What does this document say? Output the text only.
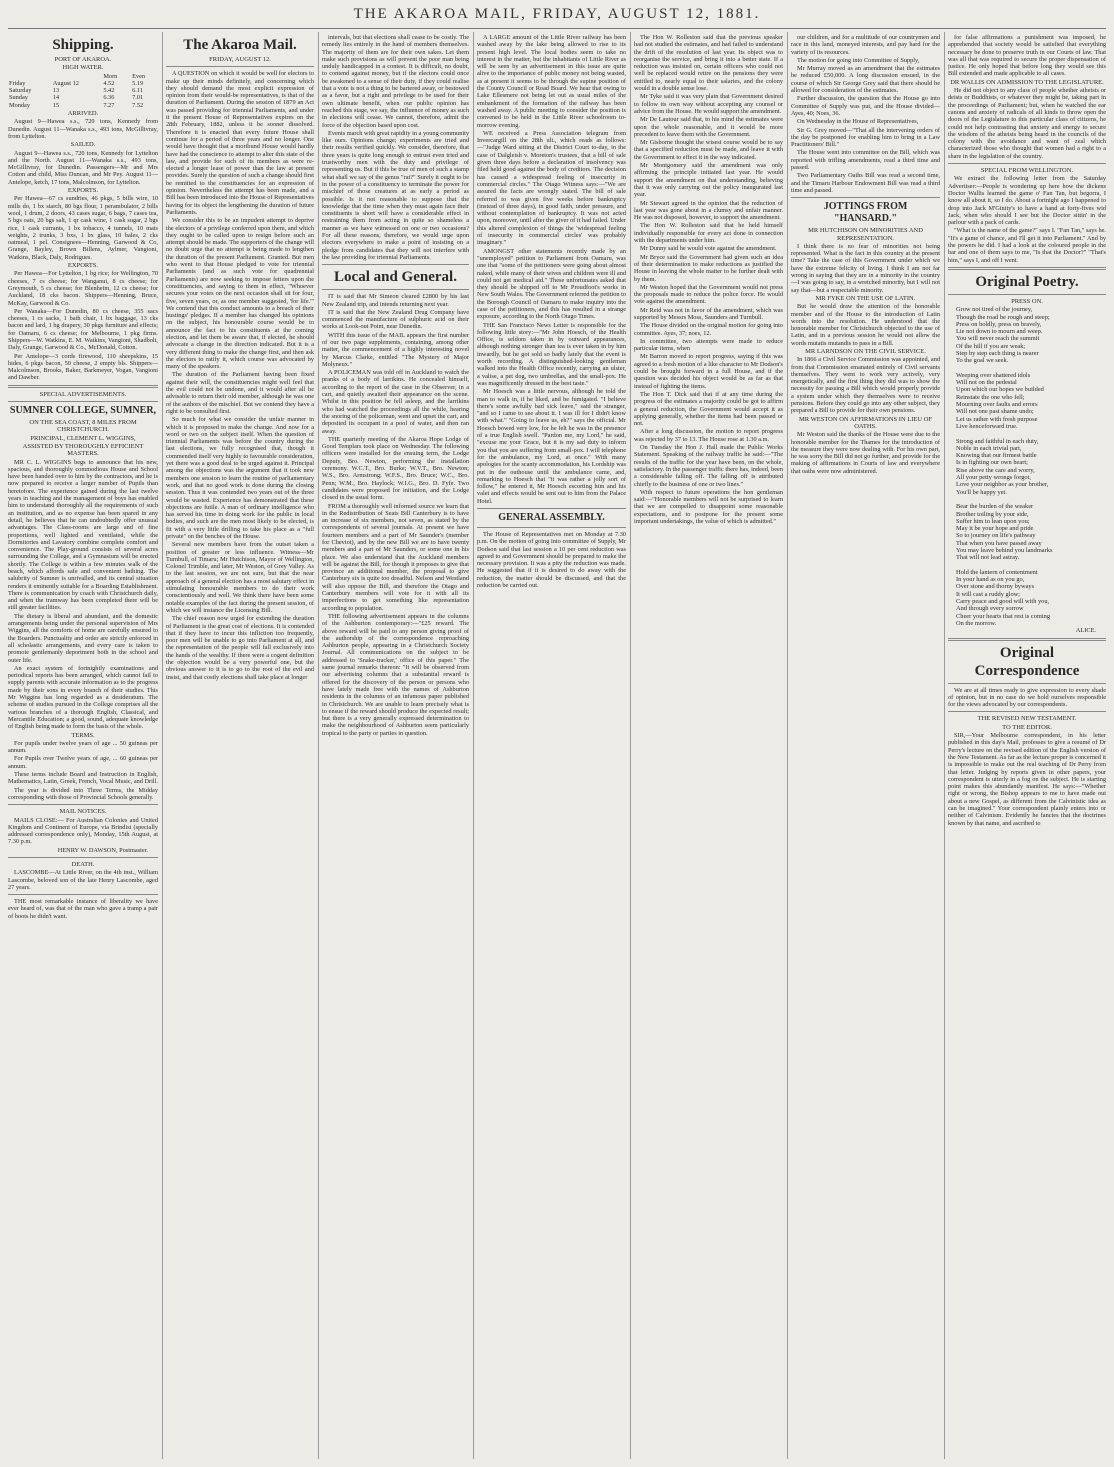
THE AKAROA MAIL, FRIDAY, AUGUST 12, 1881.
Shipping.
PORT OF AKAROA.
HIGH WATER.
		Morn	Even
Friday	August 12	4.52	5.19
Saturday	13	5.42	6.11
Sunday	14	6.36	7.01
Monday	15	7.27	7.52
ARRIVED.

August 9—Hawea s.s., 720 tons, Kennedy from Dunedin. August 11—Wanaka s.s., 493 tons, McGillivray, from Lyttelton.

SAILED.

August 9—Hawea s.s., 720 tons, Kennedy for Lyttelton and the North. August 11—Wanaka s.s., 493 tons, McGillivray, for Dunedin. Passengers—Mr and Mrs Cotton and child, Miss Duncan, and Mr Pey. August 11—Antelope, ketch, 17 tons, Malcolmson, for Lyttelton.

EXPORTS.

Per Hawea—67 cs sundries, 46 pkgs, 5 bills wire, 10 mills do, 1 bx starch, 80 bgs flour, 1 perambulator, 2 bills wool, 1 drum, 2 doors, 43 cases sugar, 6 bags, 7 cases tea, 5 bgs oats, 20 bgs salt, 1 qr cask wine, 1 cask sugar, 2 bgs rice, 1 cask currants, 1 bx tobacco, 4 tunnels, 10 mats weights, 2 trunks, 3 bxs, 1 bx glass, 10 bales, 2 cks oatmeal, 1 pel. Consignees—Henning, Garwood & Co, Grange, Bayley, Brown Billens, Aylmer, Vangioni, Watkins, Black, Daly, Rodrigues.

EXPORTS.

Per Hawea—For Lyttelton, 1 bg rice; for Wellington, 70 cheeses, 7 cs cheese; for Wanganui, 8 cs cheese; for Greymouth, 5 cs cheese; for Blenheim, 12 cs cheese; for Auckland, 18 cks bacon. Shippers—Henning, Bruce, McKay, Garwood & Co.

Per Wanaka—For Dunedin, 80 cs cheese, 355 sacs cheeses, 1 cs sacks, 1 bath chair, 1 bx baggage, 13 cks bacon and lard, 1 bg drapery, 30 pkgs furniture and effects; for Oamaru, 6 cs cheese; for Melbourne, 1 pkg firms. Shippers—W. Watkins, E. M. Watkins, Vangioni, Shadbolt, Daly, Grange, Garwood & Co., McDonald, Cotton.

Per Antelope—3 cords firewood, 110 sheepskins, 15 hides, 6 pkgs bacon, 50 cheese, 2 empty bls. Shippers—Malcolmson, Brooks, Baker, Barkmeyer, Vogan, Vangioni and Dawber.

SPECIAL ADVERTISEMENTS.
SUMNER COLLEGE, SUMNER,
ON THE SEA COAST, 8 MILES FROM CHRISTCHURCH.
PRINCIPAL, CLEMENT L. WIGGINS,
ASSISTED BY THOROUGHLY EFFICIENT MASTERS.

MR C. L. WIGGINS begs to announce that his new, spacious, and thoroughly commodious House and School have been handed over to him by the contractors, and he is now prepared to receive a larger number of Pupils than heretofore. The experience gained during the last twelve years in teaching and the management of boys has enabled him to understand thoroughly all the requirements of such an institution, and as no expense has been spared in any detail, he believes that he can undoubtedly offer unusual advantages. The Class-rooms are large and of fine proportions, well lighted and ventilated, while the Dormitories and Lavatory combine complete comfort and convenience. The Play-ground consists of several acres surrounding the College, and a Gymnasium will be erected shortly. The College is within a few minutes walk of the beach, which affords safe and convenient bathing. The salubrity of Sumner is unrivalled, and its central situation renders it eminently suitable for a Boarding Establishment. There is communication by coach with Christchurch daily, and when the tramway has been completed there will be still greater facilities.

The dietary is liberal and abundant, and the domestic arrangements being under the personal supervision of Mrs Wiggins, all the comforts of home are carefully ensured to the Boarders. Punctuality and order are strictly enforced in all scholastic arrangements, and every care is taken to promote gentlemanly deportment both in the school and outer life.

An exact system of fortnightly examinations and periodical reports has been arranged, which cannot fail to supply parents with accurate information as to the progress made by their sons in every branch of their studies. This Mr Wiggins has long regarded as a desideratum. The scheme of studies pursued in the College comprises all the various branches of a thorough English, Classical, and Mercantile Education; a good, sound, adequate knowledge of English being made to form the basis of the whole.

TERMS.

For pupils under twelve years of age ... 50 guineas per annum.

For Pupils over Twelve years of age, ... 60 guineas per annum.

These terms include Board and Instruction in English, Mathematics, Latin, Greek, French, Vocal Music, and Drill.

The year is divided into Three Terms, the Midday corresponding with those of Provincial Schools generally.

MAIL NOTICES.

MAILS CLOSE:— For Australian Colonies and United Kingdom and Continent of Europe, via Brindisi (specially addressed correspondence only), Monday, 15th August, at 7.30 p.m.

HENRY W. DAWSON, Postmaster.
DEATH.

LASCOMBE—At Little River, on the 4th inst., William Lascombe, beloved son of the late Henry Lascombe, aged 27 years.

THE most remarkable instance of liberality we have ever heard of, was that of the man who gave a tramp a pair of boots he didn't want.

The Akaroa Mail.
FRIDAY, AUGUST 12.

A QUESTION on which it would be well for electors to make up their minds definitely, and concerning which they should demand the most explicit expression of opinion from their would-be representatives, is that of the duration of Parliament. During the session of 1879 an Act was passed providing for triennial Parliaments, and under it the present House of Representatives expires on the 28th February, 1882, unless it be sooner dissolved. Therefore it is enacted that every future House shall continue for a period of three years and no longer. One would have thought that a moribund House would hardly have had the conscience to attempt to alter this state of the law, and provide for such of its members as were re-elected a longer lease of power than the law at present provides. Surely the question of such a change should first be remitted to the constituencies for an expression of opinion. Nevertheless the attempt has been made, and a Bill has been introduced into the House of Representatives having for its object the lengthening the duration of future Parliaments.

We consider this to be an impudent attempt to deprive the electors of a privilege conferred upon them, and which they ought to be called upon to resign before such an attempt should be made. The supporters of the change will no doubt urge that no attempt is being made to lengthen the duration of the present Parliament. Granted. But men who went to that House pledged to vote for triennial Parliaments (and as such vote for quadrennial Parliaments) are now seeking to impose fetters upon the constituencies, and saying to them in effect, "Whoever secures your votes on the next occasion shall sit for four, five, seven years, or, as one member suggested, 'for life.'" We contend that this conduct amounts to a breach of their hustings' pledges. If a member has changed his opinions on the subject, his honourable course would be to announce the fact to his constituents at the coming election, and let them be aware that, if elected, he should advocate a change in the direction indicated. But it is a very different thing to make the change first, and then ask the electors to ratify it, which course was advocated by many of the speakers.

The duration of the Parliament having been fixed against their will, the constituencies might well feel that the evil could not be undone, and it would after all be advisable to return their old member, although he was one of the authors of the mischief. But we contend they have a right to be consulted first.

So much for what we consider the unfair manner in which it is proposed to make the change. And now for a word or two on the subject itself. When the question of triennial Parliaments was before the country during the last elections, we fully recognised that, though it commended itself very highly to favourable consideration, yet there was a good deal to be urged against it. Principal among the objections was the argument that it took new members one session to learn the routine of parliamentary work, and that no good work is done during the closing session. Thus it was contended two years out of the three would be wasted. Experience has demonstrated that these objections are futile. A man of ordinary intelligence who has served his time in doing work for the public in local bodies, and such are the men most likely to be elected, is fit with a very little drilling to take his place as a "full private" on the benches of the House.

Several new members have from the outset taken a position of greater or less influence. Witness—Mr Turnbull, of Timaru; Mr Hutchison, Mayor of Wellington, Colonel Trimble, and later, Mr Weston, of Grey Valley. As to the last session, we are not sure, but that the near approach of a general election has a most salutary effect in stimulating honourable members to do their work conscientiously and well. We think there have been some notable examples of the fact during the present session, of which we will instance the Licensing Bill.

The chief reason now urged for extending the duration of Parliament is the great cost of elections. It is contended that if they have to incur this infliction too frequently, poor men will be unable to go into Parliament at all, and the representation of the people will fall exclusively into the hands of the wealthy. If there were a cogent definition the objection would be a very powerful one, but the obvious answer to it is to go to the root of the evil and insist, and that costly elections shall take place at longer

intervals, but that elections shall cease to be costly. The remedy lies entirely in the hand of members themselves. The majority of them are for their own sakes. Let them make such provisions as will prevent the poor man being unduly handicapped in a contest. It is difficult, no doubt, to contend against money, but if the electors could once be awakened to a sense of their duty, if they could realise that a vote is not a thing to be bartered away, or bestowed as a favor, but a right and privilege to be used for their own ultimate benefit, when our public opinion has reached this stage, we say, the influence of money as such in elections will cease. We cannot, therefore, admit the force of the objection based upon cost.

Events march with great rapidity in a young community like ours. Opinions change; experiments are tried and their results verified quickly. We consider, therefore, that three years is quite long enough to entrust even tried and trustworthy men with the duty and privilege of representing us. But if this be true of men of such a stamp what shall we say of the genus "rat?" Surely it ought to be in the power of a constituency to terminate the power for mischief of those creatures at as early a period as possible. Is it not reasonable to suppose that the knowledge that the time when they must again face their constituents is short will have a considerable effect in restraining them from acting in quite so shameless a manner as we have witnessed on one or two occasions? For all these reasons, therefore, we would urge upon electors everywhere to make a point of insisting on a pledge from candidates that they will not interfere with the law providing for triennial Parliaments.

Local and General.

IT is said that Mr Simeon cleared £2800 by his last New Zealand trip, and intends returning next year.

IT is said that the New Zealand Drug Company have commenced the manufacture of sulphuric acid on their works at Look-out Point, near Dunedin.

WITH this issue of the MAIL appears the first number of our two page supplements, containing, among other matter, the commencement of a highly interesting novel by Marcus Clarke, entitled "The Mystery of Major Molyneux."

A POLICEMAN was told off in Auckland to watch the pranks of a body of larrikins. He concealed himself, according to the report of the case in the Observer, in a cart, and quietly awaited their appearance on the scene. Whilst in this position he fell asleep, and the larrikins who had watched the proceedings all the while, hearing the snoring of the policeman, went and upset the cart, and deposited its occupant in a pool of water, and then ran away.

THE quarterly meeting of the Akaroa Hope Lodge of Good Templars took place on Wednesday. The following officers were installed for the ensuing term, the Lodge Deputy, Bro. Newton, performing the installation ceremony. W.C.T., Bro. Burke; W.V.T., Bro. Newton; W.S., Bro. Armstrong; W.F.S., Bro. Bruce; W.C., Bro. Penn; W.M., Bro. Haylock; W.I.G., Bro. D. Fyfe. Two candidates were proposed for initiation, and the Lodge closed in the usual form.

FROM a thoroughly well informed source we learn that in the Redistribution of Seats Bill Canterbury is to have an increase of six members, not seven, as stated by the correspondents of several journals. At present we have fourteen members and a part of Mr Saunder's (member for Cheviot), and by the new Bill we are to have twenty members and a part of Mr Saunders, or some one in his place. We also understand that the Auckland members will be against the Bill, for though it proposes to give that province an additional member, the proposal to give Canterbury six is quite too dreadful. Nelson and Westland will also oppose the Bill, and therefore the Otago and Canterbury members will vote for it with all its imperfections to get something like representation according to population.

THE following advertisement appears in the columns of the Ashburton contemporary:—"£25 reward. The above reward will be paid to any person giving proof of the authorship of the correspondence reproaching Ashburton people, appearing in a Christchurch Society Journal. All communications on the subject to be addressed to 'Snake-tracker,' office of this paper." The same journal remarks thereon: "It will be observed from our advertising columns that a substantial reward is offered for the discovery of the person or persons who have lately made free with the names of Ashburton residents in the columns of an infamous paper published in Christchurch. We are unable to learn precisely what is to ensue if the reward should produce the expected result; but there is a very generally expressed determination to make the neighbourhood of Ashburton seem particularly tropical to the party or parties in question.

A LARGE amount of the Little River railway has been washed away by the lake being allowed to rise to its present high level. The local bodies seem to take no interest in the matter, but the inhabitants of Little River as will be seen by an advertisement in this issue are quite alive to the importance of public money not being wasted, as at present it seems to be through the supine position of the County Council or Road Board. We hear that owing to Lake Ellesmere not being let out as usual miles of the embankment of the formation of the railway has been washed away. A public meeting to consider the position is convened to be held in the Little River schoolroom to-morrow evening.

WE received a Press Association telegram from Invercargill on the 28th ult., which reads as follows:—"Judge Ward sitting at the District Court to-day, in the case of Dalgleish v. Moreton's trustees, that a bill of sale given three days before a declaration of insolvency was filed held good against the body of creditors. The decision has caused a widespread feeling of insecurity in commercial circles." The Otago Witness says:—"We are assured the facts are wrongly stated. The bill of sale referred to was given five weeks before bankruptcy (instead of three days), in good faith, under pressure, and without contemplation of bankruptcy. It was not acted upon, moreover, until after the giver of it had failed. Under this altered complexion of things the 'widespread feeling of insecurity in commercial circles' was probably imaginary."

AMONGST other statements recently made by an "unemployed" petition to Parliament from Oamaru, was one that "some of the petitioners were going about almost naked, while many of their wives and children were ill and could not get medical aid." These unfortunates asked that they should be shipped off to Mr Proudfoot's works in New South Wales. The Government referred the petition to the Borough Council of Oamaru to make inquiry into the case of the petitioners, and this has resulted in a strange exposure, according to the North Otago Times.

THE San Francisco News Letter is responsible for the following little story:—"Mr John Hoesch, of the Health Office, is seldom taken in by outward appearances, although nothing stronger than tea is ever taken in by him inwardly, but he got sold so badly lately that the event is worth recording. A distinguished-looking gentleman walked into the Health Office recently, carrying an ulster, a valise, a pet dog, two umbrellas, and the small-pox. He was magnificently dressed in the best taste."

Mr Hoesch was a little nervous, although he told the man to walk in, if he liked, and be fumigated. "I believe there's some awfully bad sick leave," said the stranger, "and so I came to see about it. I was ill for I didn't know with what." "Going to leave us, eh?" says the official. Mr Hoesch bowed very low, for he felt he was in the presence of a true English swell. "Pardon me, my Lord," he said, "excuse me your Grace, but it is my sad duty to inform you that you are suffering from small-pox. I will telephone for the ambulance, my Lord, at once." With many apologies for the scanty accommodation, his Lordship was put in the outhouse until the ambulance came, and, remarking to Hoesch that "it was rather a jolly sort of follow," he entered it, Mr Hoesch escorting him and his valet and effects would be sent out to him from the Palace Hotel.

GENERAL ASSEMBLY.

The House of Representatives met on Monday at 7.30 p.m. On the motion of going into committee of Supply, Mr Dodson said that last session a 10 per cent reduction was agreed to and Government should be prepared to make the necessary provision. It was a pity the reduction was made. He suggested that if it is desired to do away with the reduction, the matter should be discussed, and that the reduction be carried out.

The Hon W. Rolleston said that the previous speaker had not studied the estimates, and had failed to understand the drift of the resolution of last year. Its object was to reorganise the service, and bring it into a better state. If a reduction was insisted on, certain officers who could not well be replaced would retire on the pensions they were entitled to, nearly equal to their salaries, and the colony would in a double sense lose.

Mr Tyke said it was very plain that Government desired to follow its own way without accepting any counsel or advice from the House. He would support the amendment.

Mr De Lautour said that, to his mind the estimates were upon the whole reasonable, and it would be more precedent to leave them with the Government.

Mr Gisborne thought the wisest course would be to say that a specified reduction must be made, and leave it with the Government to effect it in the way indicated.

Mr Montgomery said the amendment was only affirming the principle initiated last year. He would support the amendment on that understanding, believing that it was only carrying out the policy inaugurated last year.

Mr Stewart agreed in the opinion that the reduction of last year was gone about in a clumsy and unfair manner. He was not disposed, however, to support the amendment.

The Hon W. Rolleston said that he held himself individually responsible for every act done in connection with the departments under him.

Mr Dunny said he would vote against the amendment.

Mr Bryce said the Government had given such an idea of their determination to make reductions as justified the House in leaving the whole matter to be further dealt with by them.

Mr Weston hoped that the Government would not press the proposals made to reduce the police force. He would vote against the amendment.

Mr Reid was not in favor of the amendment, which was supported by Messrs Moss, Saunders and Turnbull.

The House divided on the original motion for going into committee. Ayes, 37; noes, 12.

In committee, two attempts were made to reduce particular items, when

Mr Barron moved to report progress, saying if this was agreed to a fresh motion of a like character to Mr Dodson's could be brought forward in a full House, and if the question was decided his object would be as far as that instead of fighting the items.

The Hon T. Dick said that if at any time during the progress of the estimates a majority could be got to affirm a general reduction, the Government would accept it as applying generally, whether the items had been passed or not.

After a long discussion, the motion to report progress was rejected by 37 to 13. The House rose at 1.30 a.m.

On Tuesday the Hon J. Hall made the Public Works Statement. Speaking of the railway traffic he said:—"The results of the traffic for the year have been, on the whole, satisfactory. In the passenger traffic there has, indeed, been a considerable falling off. The falling off is attributed chiefly to the business of one or two lines."

With respect to future operations the hon gentleman said:—"Honorable members will not be surprised to learn that we are compelled to disappoint some reasonable expectations, and to postpone for the present some important undertakings, the value of which is admitted."

our children, and for a multitude of our countrymen and race in this land, moneyed interests, and pay hard for the variety of its resources.

The motion for going into Committee of Supply,

Mr Murray moved as an amendment that the estimates be reduced £50,000. A long discussion ensued, in the course of which Sir George Grey said that there should be allowed for consideration of the estimates.

Further discussion, the question that the House go into Committee of Supply was put, and the House divided—Ayes, 40; Noes, 36.

On Wednesday in the House of Representatives,

Sir G. Grey moved—"That all the intervening orders of the day be postponed for enabling him to bring in a Law Practitioners' Bill."

The House went into committee on the Bill, which was reported with trifling amendments, read a third time and passed.

Two Parliamentary Oaths Bill was read a second time, and the Timaru Harbour Endowment Bill was read a third time and passed.

JOTTINGS FROM "HANSARD."
MR HUTCHISON ON MINORITIES AND REPRESENTATION.

I think there is no fear of minorities not being represented. What is the fact in this country at the present time? Take the case of this Government under which we have the extreme felicity of living. I think I am not far wrong in saying that they are in a minority in the country—I was going to say, in a wretched minority, but I will not say that—but a respectable minority.

MR FYKE ON THE USE OF LATIN.

But he would draw the attention of the honorable member and of the House to the introduction of Latin words into the resolution. He understood that the honorable member for Christchurch objected to the use of Latin, and in a previous session he would not allow the words mutatis mutandis to pass in a Bill.

MR LARNDSON ON THE CIVIL SERVICE.

In 1866 a Civil Service Commission was appointed, and from that Commission emanated entirely of Civil servants themselves. They went to work very actively, very energetically, and the first thing they did was to show the necessity for passing a Bill which would properly provide a system under which they themselves were to receive pensions. Before they could go into any other subject, they prepared a Bill to provide for their own pensions.

MR WESTON ON AFFIRMATIONS IN LIEU OF OATHS.

Mr Weston said the thanks of the House were due to the honorable member for the Thames for the introduction of the measure they were now dealing with. For his own part, he was sorry the Bill did not go further, and provide for the making of affirmations in Courts of law and everywhere that oaths were now administered.

for false affirmations a punishment was imposed, he apprehended that society would be satisfied that everything necessary be done to preserve truth in our Courts of law. That was all that was required to secure the proper dispensation of justice. He only hoped that before long they would see this Bill extended and made applicable to all cases.

DR WALLIS ON ADMISSION TO THE LEGISLATURE.

He did not object to any class of people whether atheists or deists or Buddhists, or whatever they might be, taking part in the proceedings of Parliament; but, when he watched the ear canons and anxiety of radicals of all kinds to throw open the doors of the Legislature to this particular class of citizens, he could not help contrasting that anxiety and energy to secure the wisdom of the atheists being heard in the councils of the colony with the avoidance and want of zeal which characterized those who thought that women had a right to a share in the legislation of the country.

SPECIAL FROM WELLINGTON.

We extract the following letter from the Saturday Advertiser:—People is wondering up here how the dickens Doctor Wallis learned the game o' Fan Tan, but begorra, I know all about it, so I do. About a fortnight ago I happened to drop into Jack M'Ginity's to have a hand at forty-fives wid Jack, when who should I see but the Doctor sittin' in the parlour with a pack of cards.

"What is the name of the game?" says I. "Fan Tan," says he. "It's a game of chance, and I'll get it into Parliament." And by the powers he did. I had a look at the coloured people in the bar and one of them says to me, "Is that the Doctor?" "That's him," says I, and off I went.

Original Poetry.
PRESS ON.
Grow not tired of the journey,
Though the road be rough and steep;
Press on boldly, press on bravely,
Lie not down to mourn and weep.
You will never reach the summit
Of the hill if you are weak;
Step by step each thing is nearer
To the goal we seek.

Weeping over shattered idols
Will not on the pedestal
Upon which our hopes we builded
Reinstate the one who fell;
Mourning over faults and errors
Will not one past shame undo;
Let us rather with fresh purpose
Live henceforward true.

Strong and faithful in each duty,
Noble in each trivial part,
Knowing that our firmest battle
Is in fighting our own heart;
Rise above the care and worry,
All your petty wrongs forgot,
Love your neighbor as your brother,
You'll be happy yet.

Bear the burden of the weaker
Brother toiling by your side,
Suffer him to lean upon you;
May it be your hope and pride
So to journey on life's pathway
That when you have passed away
You may leave behind you landmarks
That will not lead astray.

Hold the lantern of contentment
In your hand as on you go,
Over stone and thorny byways
It will cast a ruddy glow;
Carry peace and good will with you,
And through every sorrow
Cheer your hearts that rest is coming
On the morrow.
ALICE.
Original Correspondence

We are at all times ready to give expression to every shade of opinion, but in no case do we hold ourselves responsible for the views advocated by our correspondents.

THE REVISED NEW TESTAMENT.
TO THE EDITOR.

SIR,—Your Melbourne correspondent, in his letter published in this day's Mail, professes to give a resumé of Dr Perry's lecture on the revised edition of the English version of the New Testament. As far as the lecture proper is concerned it is impossible to make out the real teaching of Dr Perry from that letter. Judging by reports given in other papers, your correspondent is utterly in a fog on the subject. He is starting point makes this abundantly manifest. He says:—"Whether right or wrong, the Bishop appears to me to have made out about a new Gospel, as different from the Calvinistic idea as can be imagined." Your correspondent plainly enters into or neither of Calvinism. Evidently he fancies that the doctrines known by that name, and ascribed to
